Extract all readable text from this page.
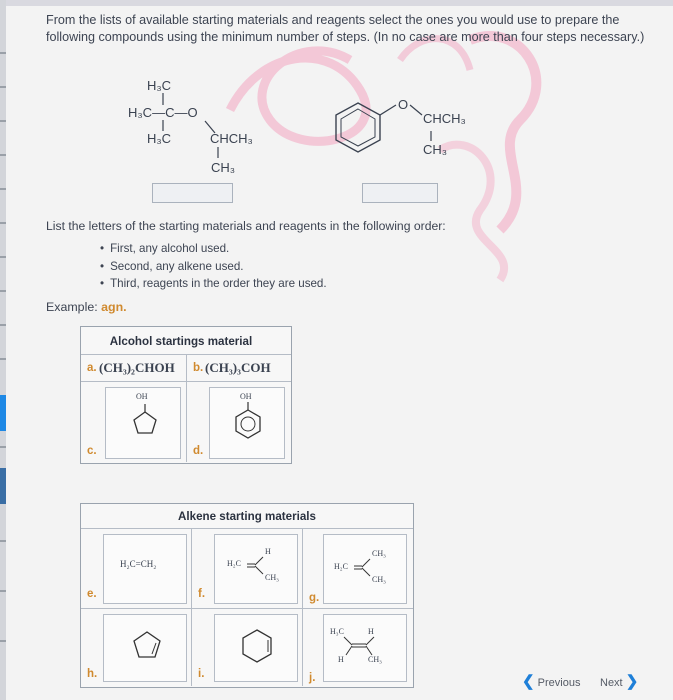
From the lists of available starting materials and reagents select the ones you would use to prepare the following compounds using the minimum number of steps. (In no case are more than four steps necessary.)
H₃C
H₃C—C—O
H₃C	CHCH₃
CH₃
O
CHCH₃
CH₃
List the letters of the starting materials and reagents in the following order:
• First, any alcohol used.
• Second, any alkene used.
• Third, reagents in the order they are used.
Example: agn.
Alcohol startings material
a. (CH₃)₂CHOH b. (CH₃)₃COH
c.
OH
d.
OH
Alkene starting materials
e.
H₂C=CH₂
f.
H
H₂C
CH₃
g.
CH₃
H₂C
CH₃
h.	i.	j.
H₃C	H
H	CH₃
❮ Previous Next ❯
